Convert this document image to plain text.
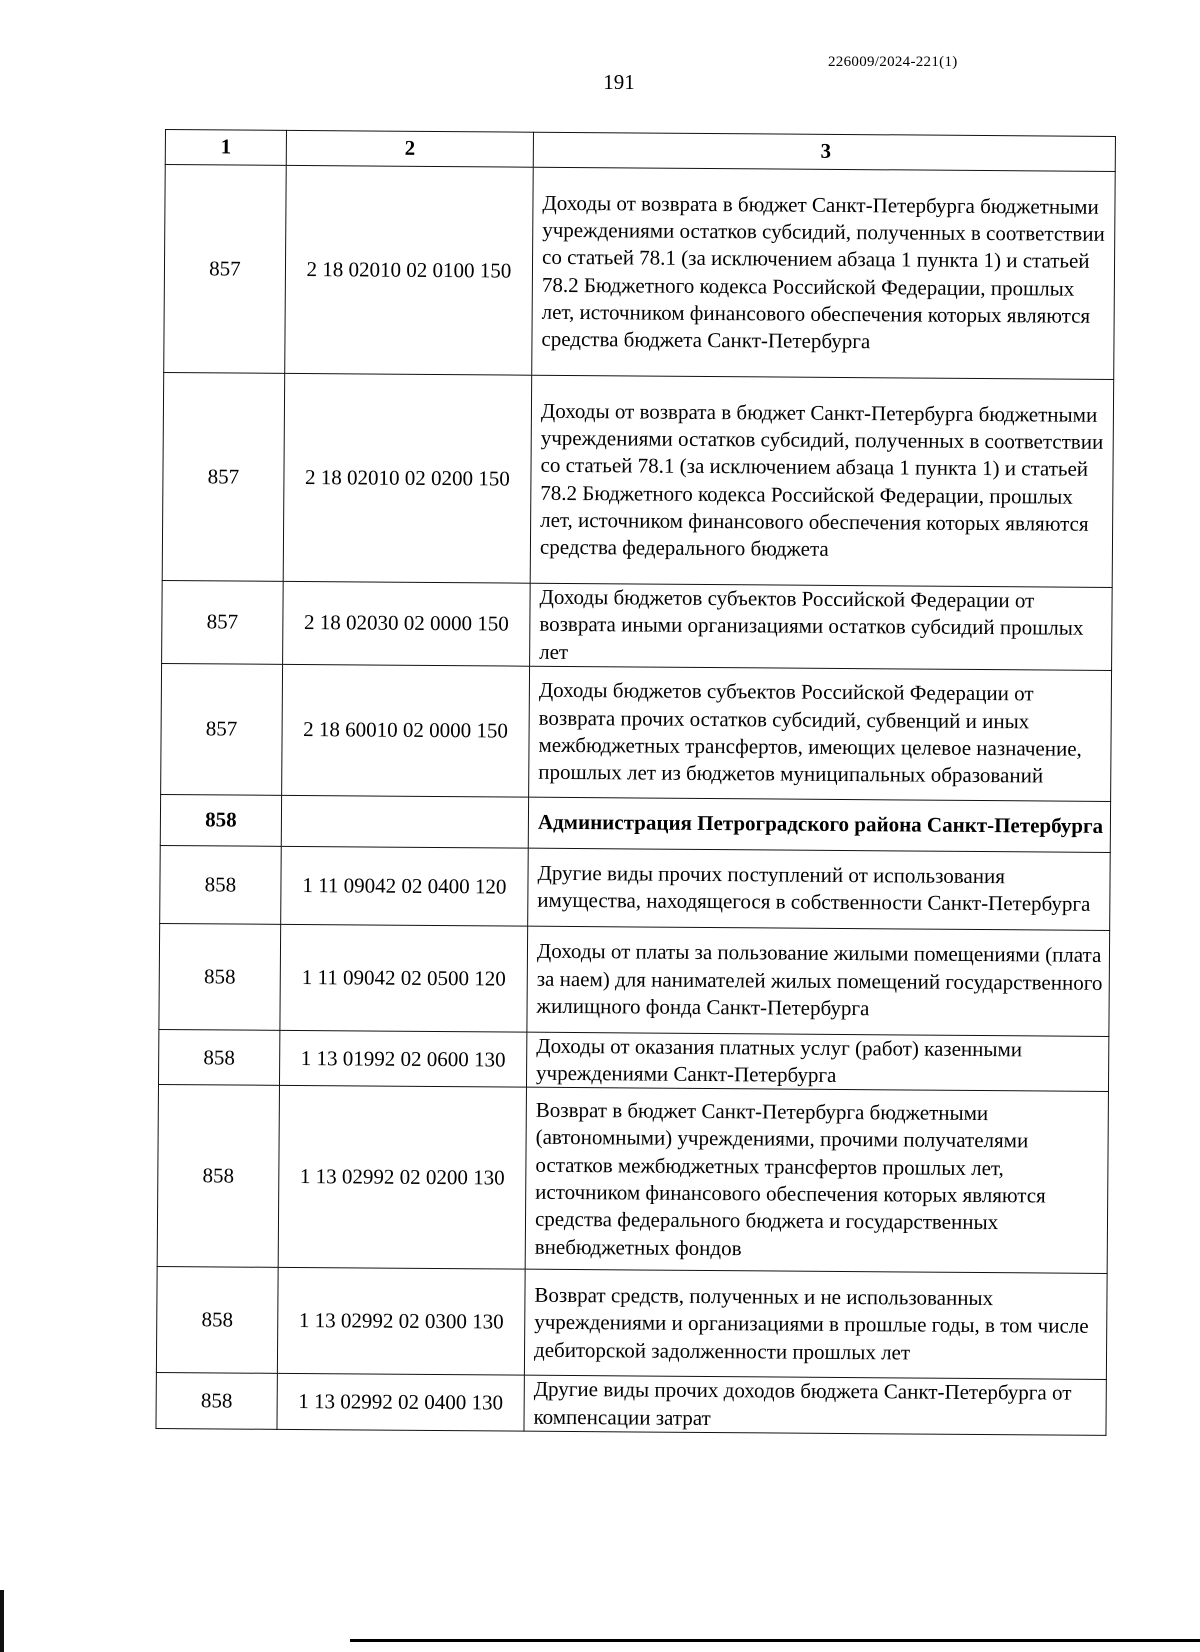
226009/2024-221(1)
191
1	2	3
857	2 18 02010 02 0100 150	Доходы от возврата в бюджет Санкт-Петербурга бюджетными учреждениями остатков субсидий, полученных в соответствии со статьей 78.1 (за исключением абзаца 1 пункта 1) и статьей 78.2 Бюджетного кодекса Российской Федерации, прошлых лет, источником финансового обеспечения которых являются средства бюджета Санкт-Петербурга
857	2 18 02010 02 0200 150	Доходы от возврата в бюджет Санкт-Петербурга бюджетными учреждениями остатков субсидий, полученных в соответствии со статьей 78.1 (за исключением абзаца 1 пункта 1) и статьей 78.2 Бюджетного кодекса Российской Федерации, прошлых лет, источником финансового обеспечения которых являются средства федерального бюджета
857	2 18 02030 02 0000 150	Доходы бюджетов субъектов Российской Федерации от возврата иными организациями остатков субсидий прошлых лет
857	2 18 60010 02 0000 150	Доходы бюджетов субъектов Российской Федерации от возврата прочих остатков субсидий, субвенций и иных межбюджетных трансфертов, имеющих целевое назначение, прошлых лет из бюджетов муниципальных образований
858		Администрация Петроградского района Санкт-Петербурга
858	1 11 09042 02 0400 120	Другие виды прочих поступлений от использования имущества, находящегося в собственности Санкт-Петербурга
858	1 11 09042 02 0500 120	Доходы от платы за пользование жилыми помещениями (плата за наем) для нанимателей жилых помещений государственного жилищного фонда Санкт-Петербурга
858	1 13 01992 02 0600 130	Доходы от оказания платных услуг (работ) казенными учреждениями Санкт-Петербурга
858	1 13 02992 02 0200 130	Возврат в бюджет Санкт-Петербурга бюджетными (автономными) учреждениями, прочими получателями остатков межбюджетных трансфертов прошлых лет, источником финансового обеспечения которых являются средства федерального бюджета и государственных внебюджетных фондов
858	1 13 02992 02 0300 130	Возврат средств, полученных и не использованных учреждениями и организациями в прошлые годы, в том числе дебиторской задолженности прошлых лет
858	1 13 02992 02 0400 130	Другие виды прочих доходов бюджета Санкт-Петербурга от компенсации затрат
